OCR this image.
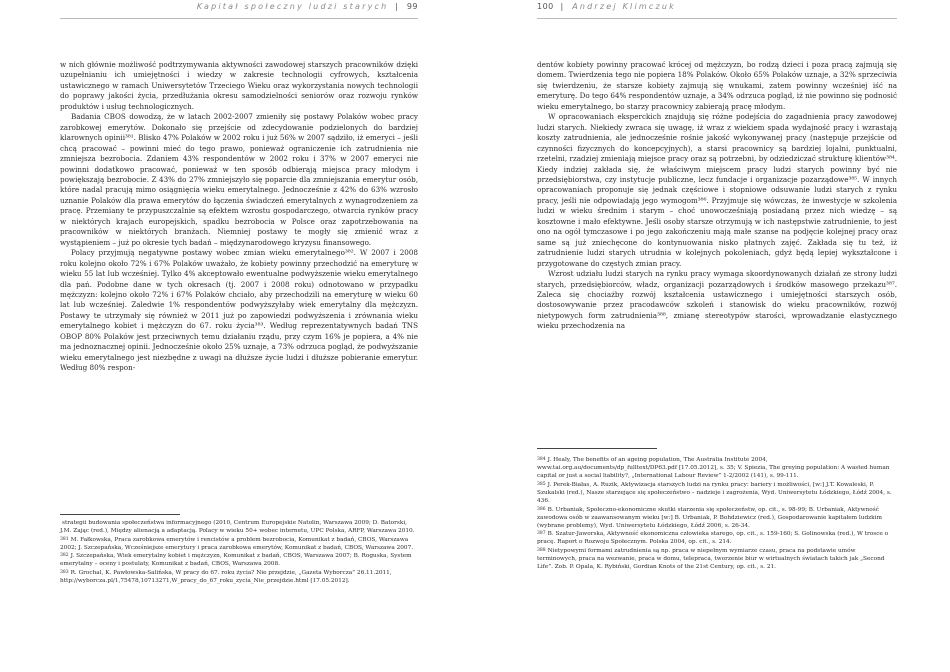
Kapitał społeczny ludzi starych | 99

w nich głównie możliwość podtrzymywania aktywności zawodowej starszych pracowników dzięki uzupełnianiu ich umiejętności i wiedzy w zakresie technologii cyfrowych, kształcenia ustawicznego w ramach Uniwersytetów Trzeciego Wieku oraz wykorzystania nowych technologii do poprawy jakości życia, przedłużania okresu samodzielności seniorów oraz rozwoju rynków produktów i usług technologicznych.

Badania CBOS dowodzą, że w latach 2002-2007 zmieniły się postawy Polaków wobec pracy zarobkowej emerytów. Dokonało się przejście od zdecydowanie podzielonych do bardziej klarownych opinii³⁸¹. Blisko 47% Polaków w 2002 roku i już 56% w 2007 sądziło, iż emeryci – jeśli chcą pracować – powinni mieć do tego prawo, ponieważ ograniczenie ich zatrudnienia nie zmniejsza bezrobocia. Zdaniem 43% respondentów w 2002 roku i 37% w 2007 emeryci nie powinni dodatkowo pracować, ponieważ w ten sposób odbierają miejsca pracy młodym i powiększają bezrobocie. Z 43% do 27% zmniejszyło się poparcie dla zmniejszania emerytur osób, które nadal pracują mimo osiągnięcia wieku emerytalnego. Jednocześnie z 42% do 63% wzrosło uznanie Polaków dla prawa emerytów do łączenia świadczeń emerytalnych z wynagrodzeniem za pracę. Przemiany te przypuszczalnie są efektem wzrostu gospodarczego, otwarcia rynków pracy w niektórych krajach europejskich, spadku bezrobocia w Polsce oraz zapotrzebowania na pracowników w niektórych branżach. Niemniej postawy te mogły się zmienić wraz z wystąpieniem – już po okresie tych badań – międzynarodowego kryzysu finansowego.

Polacy przyjmują negatywne postawy wobec zmian wieku emerytalnego³⁸². W 2007 i 2008 roku kolejno około 72% i 67% Polaków uważało, że kobiety powinny przechodzić na emeryturę w wieku 55 lat lub wcześniej. Tylko 4% akceptowało ewentualne podwyższenie wieku emerytalnego dla pań. Podobne dane w tych okresach (tj. 2007 i 2008 roku) odnotowano w przypadku mężczyzn: kolejno około 72% i 67% Polaków chciało, aby przechodzili na emeryturę w wieku 60 lat lub wcześniej. Zaledwie 1% respondentów podwyższyłaby wiek emerytalny dla mężczyzn. Postawy te utrzymały się również w 2011 już po zapowiedzi podwyższenia i zrównania wieku emerytalnego kobiet i mężczyzn do 67. roku życia³⁸³. Według reprezentatywnych badań TNS OBOP 80% Polaków jest przeciwnych temu działaniu rządu, przy czym 16% je popiera, a 4% nie ma jednoznacznej opinii. Jednocześnie około 25% uznaje, a 73% odrzuca pogląd, że podwyższanie wieku emerytalnego jest niezbędne z uwagi na dłuższe życie ludzi i dłuższe pobieranie emerytur. Według 80% respon-

strategii budowania społeczeństwa informacyjnego (2010, Centrum Europejskie Natolin, Warszawa 2009; D. Batorski, J.M. Zając (red.), Między alienacją a adaptacją. Polacy w wieku 50+ wobec internetu, UPC Polska, ARFP, Warszawa 2010.
381 M. Fałkowska, Praca zarobkowa emerytów i rencistów a problem bezrobocia, Komunikat z badań, CBOS, Warszawa 2002; J. Szczepańska, Wcześniejsze emerytury i praca zarobkowa emerytów, Komunikat z badań, CBOS, Warszawa 2007.
382 J. Szczepańska, Wiek emerytalny kobiet i mężczyzn, Komunikat z badań, CBOS, Warszawa 2007; B. Roguska, System emerytalny – oceny i postulaty, Komunikat z badań, CBOS, Warszawa 2008.
383 R. Grochal, K. Pawłowska-Salińska, W pracy do 67. roku życia? Nie przejdzie, „Gazeta Wyborcza” 26.11.2011, http://wyborcza.pl/1,75478,10713271,W_pracy_do_67_roku_zycia_Nie_przejdzie.html [17.05.2012].
100 | Andrzej Klimczuk

dentów kobiety powinny pracować krócej od mężczyzn, bo rodzą dzieci i poza pracą zajmują się domem. Twierdzenia tego nie popiera 18% Polaków. Około 65% Polaków uznaje, a 32% sprzeciwia się twierdzeniu, że starsze kobiety zajmują się wnukami, zatem powinny wcześniej iść na emeryturę. Do tego 64% respondentów uznaje, a 34% odrzuca pogląd, iż nie powinno się podnosić wieku emerytalnego, bo starzy pracownicy zabierają pracę młodym.

W opracowaniach eksperckich znajdują się różne podejścia do zagadnienia pracy zawodowej ludzi starych. Niekiedy zwraca się uwagę, iż wraz z wiekiem spada wydajność pracy i wzrastają koszty zatrudnienia, ale jednocześnie rośnie jakość wykonywanej pracy (następuje przejście od czynności fizycznych do koncepcyjnych), a starsi pracownicy są bardziej lojalni, punktualni, rzetelni, rzadziej zmieniają miejsce pracy oraz są potrzebni, by odziedziczać strukturę klientów³⁸⁴. Kiedy indziej zakłada się, że właściwym miejscem pracy ludzi starych powinny być nie przedsiębiorstwa, czy instytucje publiczne, lecz fundacje i organizacje pozarządowe³⁸⁵. W innych opracowaniach proponuje się jednak częściowe i stopniowe odsuwanie ludzi starych z rynku pracy, jeśli nie odpowiadają jego wymogom³⁸⁶. Przyjmuje się wówczas, że inwestycje w szkolenia ludzi w wieku średnim i starym – choć unowocześniają posiadaną przez nich wiedzę – są kosztowne i mało efektywne. Jeśli osoby starsze otrzymują w ich następstwie zatrudnienie, to jest ono na ogół tymczasowe i po jego zakończeniu mają małe szanse na podjęcie kolejnej pracy oraz same są już zniechęcone do kontynuowania nisko płatnych zajęć. Zakłada się tu też, iż zatrudnienie ludzi starych utrudnia w kolejnych pokoleniach, gdyż będą lepiej wykształcone i przygotowane do częstych zmian pracy.

Wzrost udziału ludzi starych na rynku pracy wymaga skoordynowanych działań ze strony ludzi starych, przedsiębiorców, władz, organizacji pozarządowych i środków masowego przekazu³⁸⁷. Zaleca się chociażby rozwój kształcenia ustawicznego i umiejętności starszych osób, dostosowywanie przez pracodawców szkoleń i stanowisk do wieku pracowników, rozwój nietypowych form zatrudnienia³⁸⁸, zmianę stereotypów starości, wprowadzanie elastycznego wieku przechodzenia na

384 J. Healy, The benefits of an ageing population, The Australia Institute 2004, www.tai.org.au/documents/dp_fulltext/DP63.pdf [17.05.2012], s. 35; V. Spiezia, The greying population: A wasted human capital or just a social liability?, „International Labour Review” 1-2/2002 (141), s. 99-111.
385 J. Perek-Białas, A. Ruzik, Aktywizacja starszych ludzi na rynku pracy: bariery i możliwości, [w:] J.T. Kowaleski, P. Szukalski (red.), Nasze starzejące się społeczeństwo – nadzieje i zagrożenia, Wyd. Uniwersytetu Łódzkiego, Łódź 2004, s. 436.
386 B. Urbaniak, Społeczno-ekonomiczne skutki starzenia się społeczeństw, op. cit., s. 98-99; B. Urbaniak, Aktywność zawodowa osób w zaawansowanym wieku [w:] B. Urbaniak, P. Bohdziewicz (red.), Gospodarowanie kapitałem ludzkim (wybrane problemy), Wyd. Uniwersytetu Łódzkiego, Łódź 2006, s. 26-34.
387 B. Szatur-Jaworska, Aktywność ekonomiczna człowieka starego, op. cit., s. 159-160; S. Golinowska (red.), W trosce o pracę. Raport o Rozwoju Społecznym. Polska 2004, op. cit., s. 214.
388 Nietypowymi formami zatrudnienia są np. praca w niepełnym wymiarze czasu, praca na podstawie umów terminowych, praca na wezwanie, praca w domu, telepraca, tworzenie biur w wirtualnych światach takich jak „Second Life”. Zob. P. Opala, K. Rybiński, Gordian Knots of the 21st Century, op. cit., s. 21.
